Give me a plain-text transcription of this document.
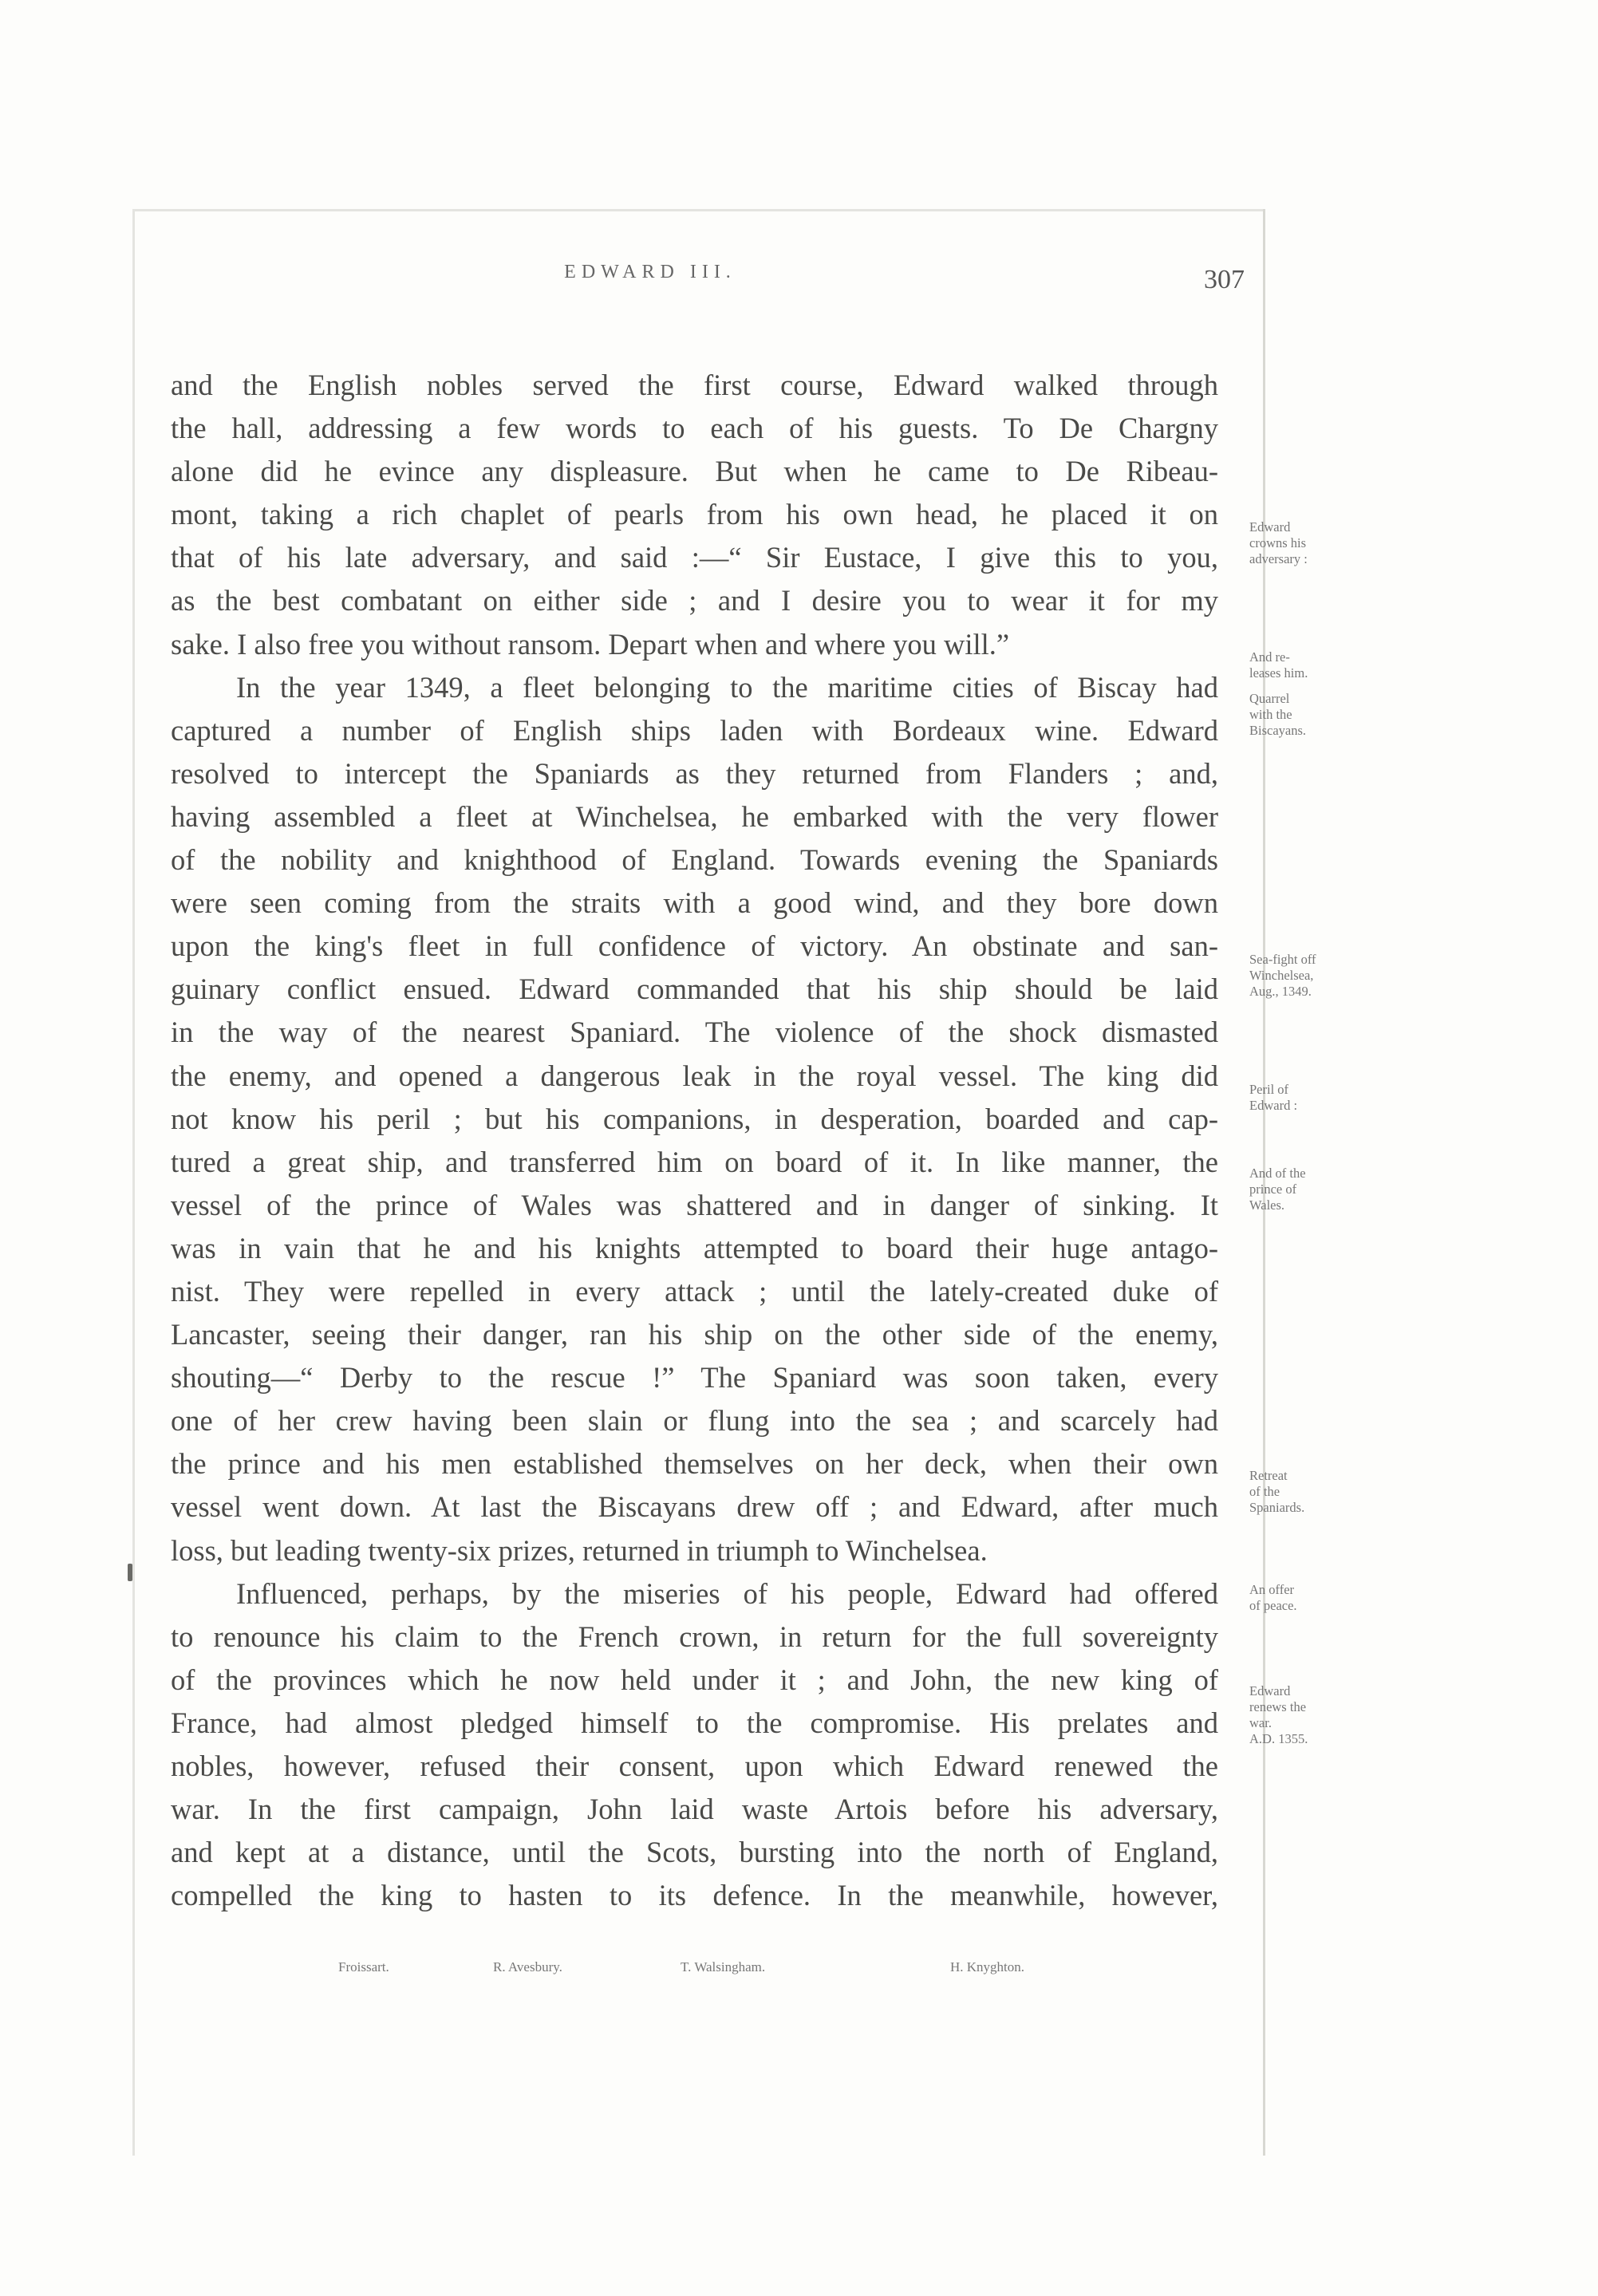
EDWARD III.	307
and the English nobles served the first course, Edward walked through
the hall, addressing a few words to each of his guests. To De Chargny
alone did he evince any displeasure. But when he came to De Ribeau-
mont, taking a rich chaplet of pearls from his own head, he placed it on
that of his late adversary, and said :—“ Sir Eustace, I give this to you,
as the best combatant on either side ; and I desire you to wear it for my
sake. I also free you without ransom. Depart when and where you will.”
In the year 1349, a fleet belonging to the maritime cities of Biscay had
captured a number of English ships laden with Bordeaux wine. Edward
resolved to intercept the Spaniards as they returned from Flanders ; and,
having assembled a fleet at Winchelsea, he embarked with the very flower
of the nobility and knighthood of England. Towards evening the Spaniards
were seen coming from the straits with a good wind, and they bore down
upon the king's fleet in full confidence of victory. An obstinate and san-
guinary conflict ensued. Edward commanded that his ship should be laid
in the way of the nearest Spaniard. The violence of the shock dismasted
the enemy, and opened a dangerous leak in the royal vessel. The king did
not know his peril ; but his companions, in desperation, boarded and cap-
tured a great ship, and transferred him on board of it. In like manner, the
vessel of the prince of Wales was shattered and in danger of sinking. It
was in vain that he and his knights attempted to board their huge antago-
nist. They were repelled in every attack ; until the lately-created duke of
Lancaster, seeing their danger, ran his ship on the other side of the enemy,
shouting—“ Derby to the rescue !” The Spaniard was soon taken, every
one of her crew having been slain or flung into the sea ; and scarcely had
the prince and his men established themselves on her deck, when their own
vessel went down. At last the Biscayans drew off ; and Edward, after much
loss, but leading twenty-six prizes, returned in triumph to Winchelsea.
Influenced, perhaps, by the miseries of his people, Edward had offered
to renounce his claim to the French crown, in return for the full sovereignty
of the provinces which he now held under it ; and John, the new king of
France, had almost pledged himself to the compromise. His prelates and
nobles, however, refused their consent, upon which Edward renewed the
war. In the first campaign, John laid waste Artois before his adversary,
and kept at a distance, until the Scots, bursting into the north of England,
compelled the king to hasten to its defence. In the meanwhile, however,
Edward
crowns his
adversary :
And re-
leases him.
Quarrel
with the
Biscayans.
Sea-fight off
Winchelsea,
Aug., 1349.
Peril of
Edward :
And of the
prince of
Wales.
Retreat
of the
Spaniards.
An offer
of peace.
Edward
renews the
war.
A.D. 1355.
Froissart.	R. Avesbury.	T. Walsingham.	H. Knyghton.
